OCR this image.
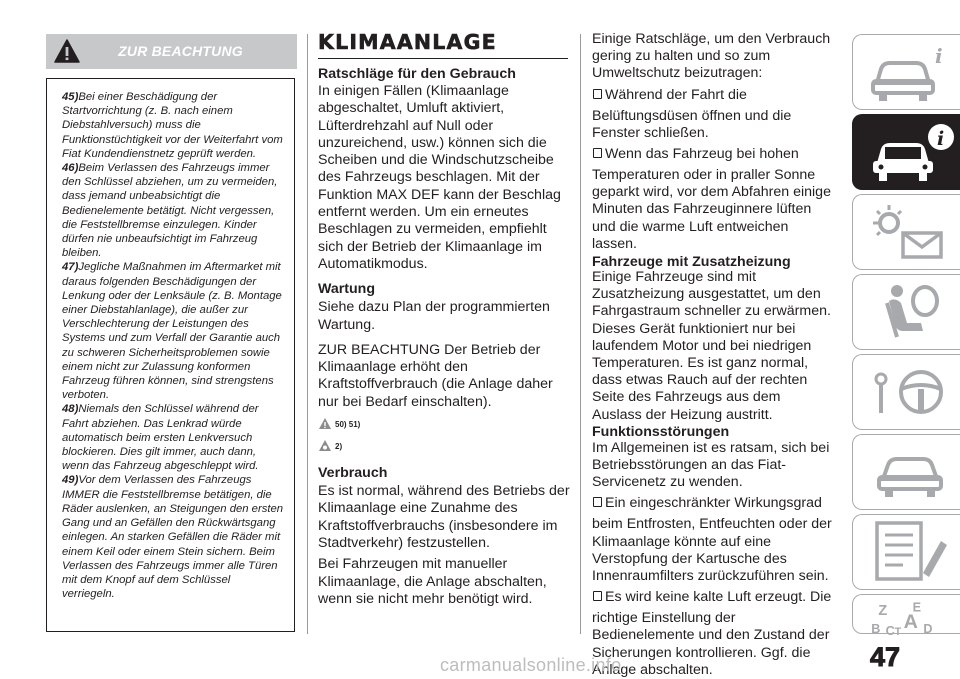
ZUR BEACHTUNG

45)Bei einer Beschädigung der Startvorrichtung (z. B. nach einem Diebstahlversuch) muss die Funktionstüchtigkeit vor der Weiterfahrt vom Fiat Kundendienstnetz geprüft werden.

46)Beim Verlassen des Fahrzeugs immer den Schlüssel abziehen, um zu vermeiden, dass jemand unbeabsichtigt die Bedienelemente betätigt. Nicht vergessen, die Feststellbremse einzulegen. Kinder dürfen nie unbeaufsichtigt im Fahrzeug bleiben.

47)Jegliche Maßnahmen im Aftermarket mit daraus folgenden Beschädigungen der Lenkung oder der Lenksäule (z. B. Montage einer Diebstahlanlage), die außer zur Verschlechterung der Leistungen des Systems und zum Verfall der Garantie auch zu schweren Sicherheitsproblemen sowie einem nicht zur Zulassung konformen Fahrzeug führen können, sind strengstens verboten.

48)Niemals den Schlüssel während der Fahrt abziehen. Das Lenkrad würde automatisch beim ersten Lenkversuch blockieren. Dies gilt immer, auch dann, wenn das Fahrzeug abgeschleppt wird.

49)Vor dem Verlassen des Fahrzeugs IMMER die Feststellbremse betätigen, die Räder auslenken, an Steigungen den ersten Gang und an Gefällen den Rückwärtsgang einlegen. An starken Gefällen die Räder mit einem Keil oder einem Stein sichern. Beim Verlassen des Fahrzeugs immer alle Türen mit dem Knopf auf dem Schlüssel verriegeln.

KLIMAANLAGE
Ratschläge für den Gebrauch

In einigen Fällen (Klimaanlage abgeschaltet, Umluft aktiviert, Lüfterdrehzahl auf Null oder unzureichend, usw.) können sich die Scheiben und die Windschutzscheibe des Fahrzeugs beschlagen. Mit der Funktion MAX DEF kann der Beschlag entfernt werden. Um ein erneutes Beschlagen zu vermeiden, empfiehlt sich der Betrieb der Klimaanlage im Automatikmodus.

Wartung

Siehe dazu Plan der programmierten Wartung.

ZUR BEACHTUNG Der Betrieb der Klimaanlage erhöht den Kraftstoffverbrauch (die Anlage daher nur bei Bedarf einschalten).

50) 51)
2)
Verbrauch

Es ist normal, während des Betriebs der Klimaanlage eine Zunahme des Kraftstoffverbrauchs (insbesondere im Stadtverkehr) festzustellen.

Bei Fahrzeugen mit manueller Klimaanlage, die Anlage abschalten, wenn sie nicht mehr benötigt wird.

Einige Ratschläge, um den Verbrauch gering zu halten und so zum Umweltschutz beizutragen:

Während der Fahrt die

Belüftungsdüsen öffnen und die Fenster schließen.

Wenn das Fahrzeug bei hohen

Temperaturen oder in praller Sonne geparkt wird, vor dem Abfahren einige Minuten das Fahrzeuginnere lüften und die warme Luft entweichen lassen.

Fahrzeuge mit Zusatzheizung

Einige Fahrzeuge sind mit Zusatzheizung ausgestattet, um den Fahrgastraum schneller zu erwärmen. Dieses Gerät funktioniert nur bei laufendem Motor und bei niedrigen Temperaturen. Es ist ganz normal, dass etwas Rauch auf der rechten Seite des Fahrzeugs aus dem Auslass der Heizung austritt.

Funktionsstörungen

Im Allgemeinen ist es ratsam, sich bei Betriebsstörungen an das Fiat-Servicenetz zu wenden.

Ein eingeschränkter Wirkungsgrad

beim Entfrosten, Entfeuchten oder der Klimaanlage könnte auf eine Verstopfung der Kartusche des Innenraumfilters zurückzuführen sein.

Es wird keine kalte Luft erzeugt. Die

richtige Einstellung der Bedienelemente und den Zustand der Sicherungen kontrollieren. Ggf. die Anlage abschalten.

i
i
Z E
A
B C T D
47
carmanualsonline.info
